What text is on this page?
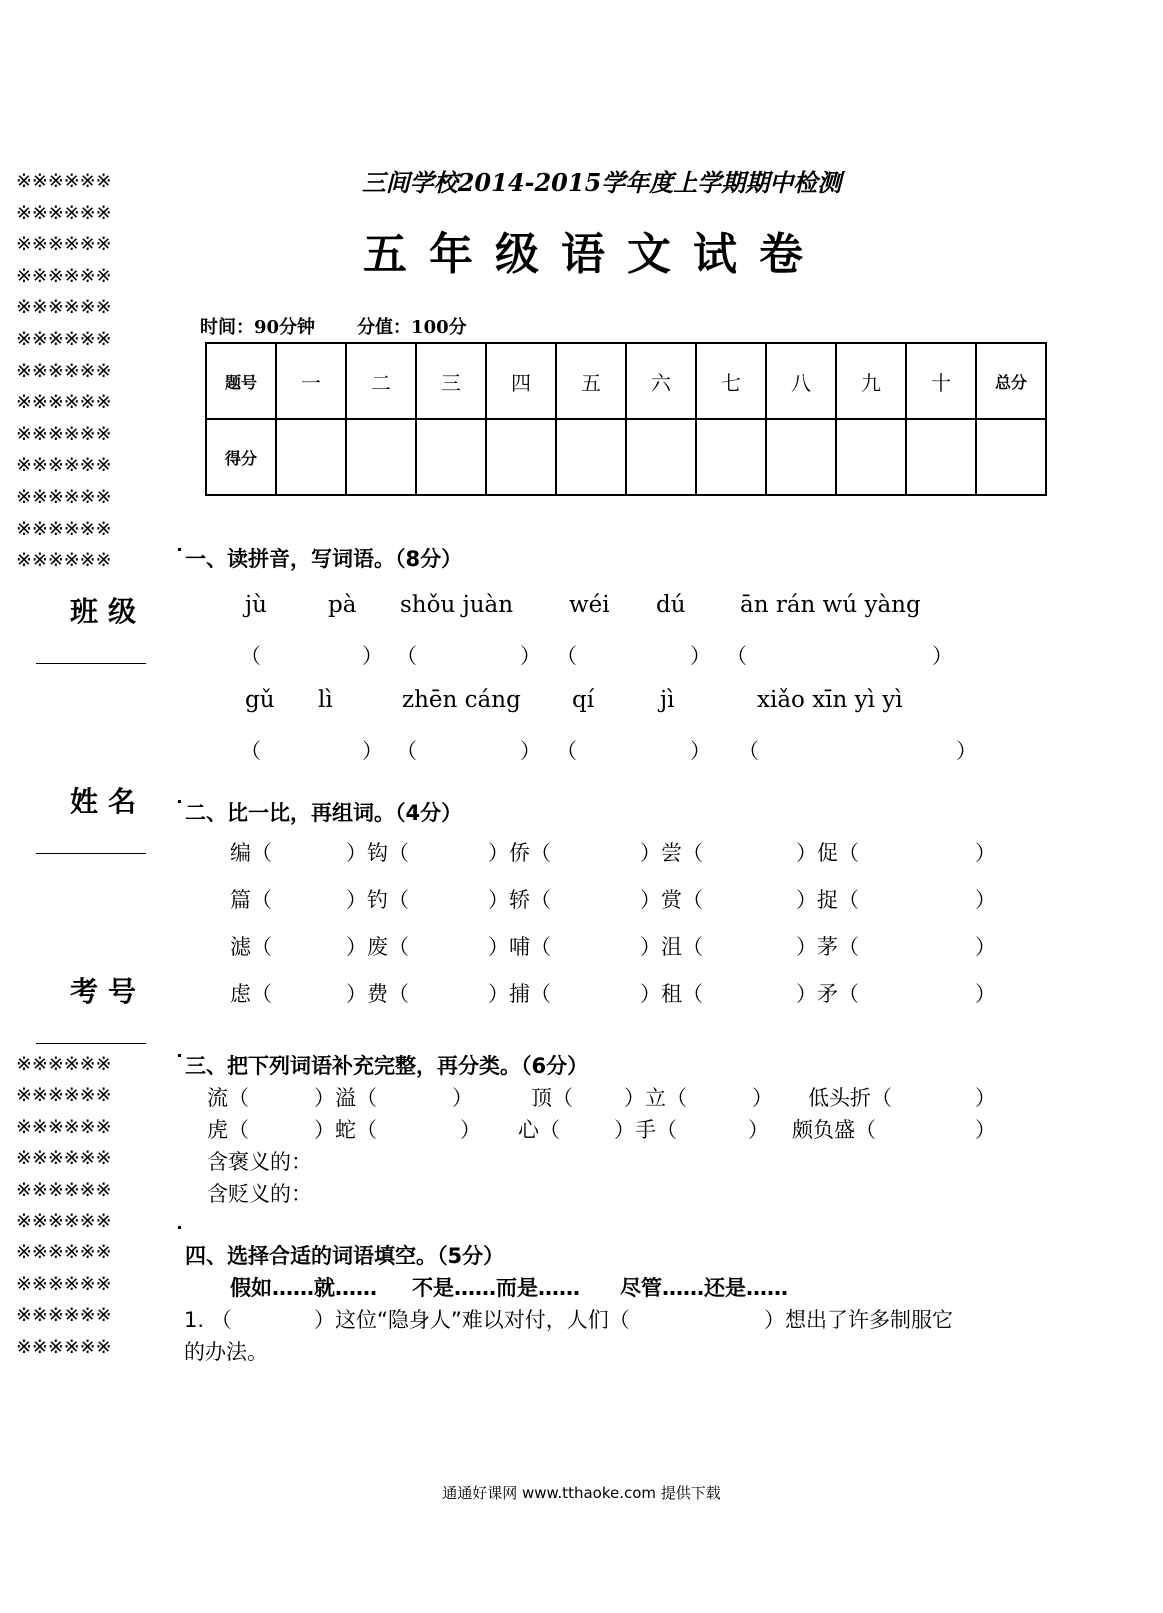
※※※※※※
※※※※※※
※※※※※※
※※※※※※
※※※※※※
※※※※※※
※※※※※※
※※※※※※
※※※※※※
※※※※※※
※※※※※※
※※※※※※
※※※※※※
※※※※※※
※※※※※※
※※※※※※
※※※※※※
※※※※※※
※※※※※※
※※※※※※
※※※※※※
※※※※※※
※※※※※※
班级
姓名
考号
三间学校2014-2015学年度上学期期中检测
五年级语文试卷
时间：90分钟 分值：100分
题号	一	二	三	四	五	六	七	八	九	十	总分
得分											
一、读拼音，写词语。（8分）
jù	pà shǒu juàn wéi dú ān rán wú yàng
（	） （	） （	） （	）
gǔ lì	zhēn cáng qí	jì	xiǎo xīn yì yì
（	） （	） （	） （	）
二、比一比，再组词。（4分）
编（	）钩（	）侨（	）尝（	）促（	）
篇（	）钓（	）轿（	）赏（	）捉（	）
滤（	）废（	）哺（	）沮（	）茅（	）
虑（	）费（	）捕（	）租（	）矛（	）
三、把下列词语补充完整，再分类。（6分）
流（	）溢（	）	顶（ ）立（	） 低头折（	）
虎（	）蛇（	） 心（	）手（	） 颇负盛（	）
含褒义的：
含贬义的：
四、选择合适的词语填空。（5分）
假如……就…… 不是……而是…… 尽管……还是……
1. （	）这位“隐身人”难以对付，人们（	）想出了许多制服它
的办法。
通通好课网 www.tthaoke.com 提供下载
